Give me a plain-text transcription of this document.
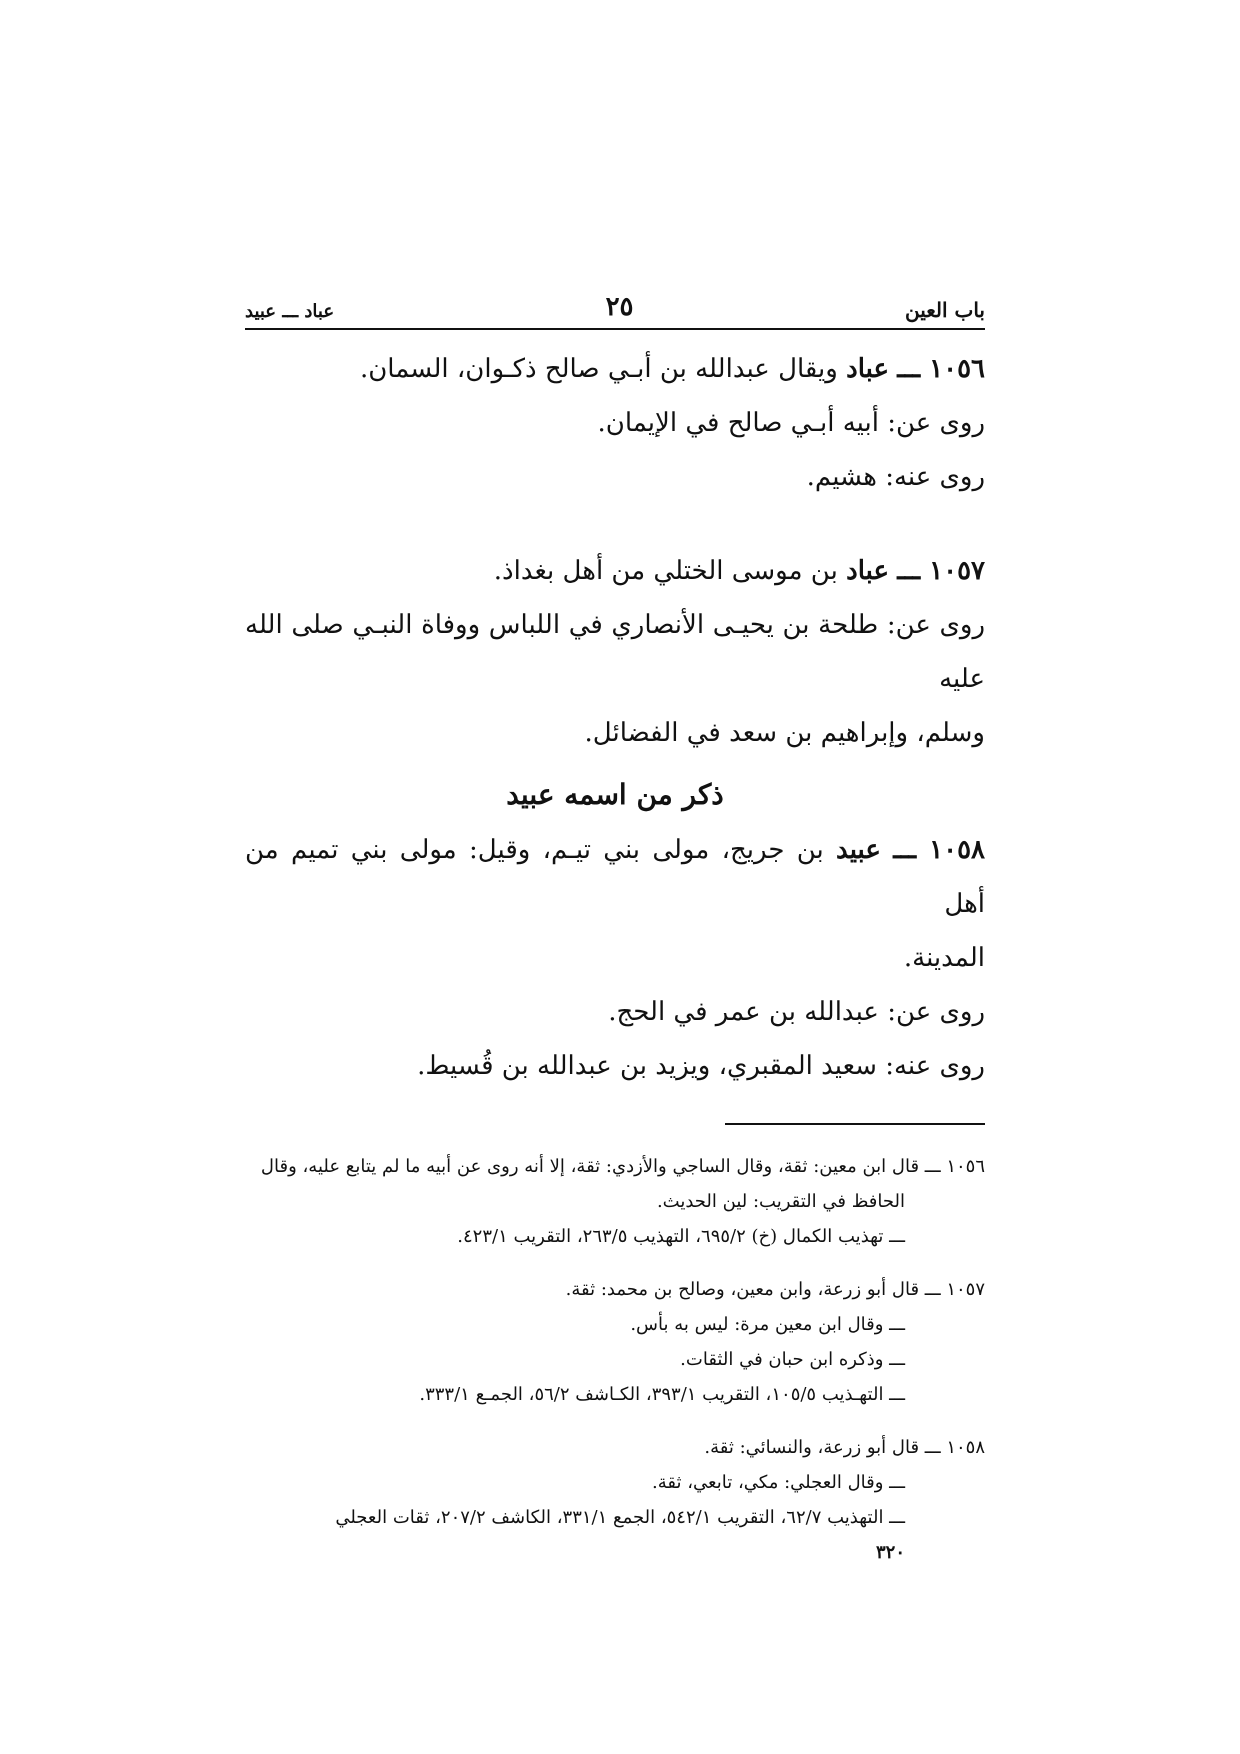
باب العين
٢٥
عباد ـــ عبيد
١٠٥٦ ـــ عباد ويقال عبدالله بن أبـي صالح ذكـوان، السمان.
روى عن: أبيه أبـي صالح في الإيمان.
روى عنه: هشيم.
١٠٥٧ ـــ عباد بن موسى الختلي من أهل بغداذ.
روى عن: طلحة بن يحيـى الأنصاري في اللباس ووفاة النبـي صلى الله عليه
وسلم، وإبراهيم بن سعد في الفضائل.
ذكر من اسمه عبيد
١٠٥٨ ـــ عبيد بن جريج، مولى بني تيـم، وقيل: مولى بني تميم من أهل
المدينة.
روى عن: عبدالله بن عمر في الحج.
روى عنه: سعيد المقبري، ويزيد بن عبدالله بن قُسيط.
١٠٥٦ ـــ قال ابن معين: ثقة، وقال الساجي والأزدي: ثقة، إلا أنه روى عن أبيه ما لم يتابع عليه، وقال
الحافظ في التقريب: لين الحديث.
ـــ تهذيب الكمال (خ) ٦٩٥/٢، التهذيب ٢٦٣/٥، التقريب ٤٢٣/١.
١٠٥٧ ـــ قال أبو زرعة، وابن معين، وصالح بن محمد: ثقة.
ـــ وقال ابن معين مرة: ليس به بأس.
ـــ وذكره ابن حبان في الثقات.
ـــ التهـذيب ١٠٥/٥، التقريب ٣٩٣/١، الكـاشف ٥٦/٢، الجمـع ٣٣٣/١.
١٠٥٨ ـــ قال أبو زرعة، والنسائي: ثقة.
ـــ وقال العجلي: مكي، تابعي، ثقة.
ـــ التهذيب ٦٢/٧، التقريب ٥٤٢/١، الجمع ٣٣١/١، الكاشف ٢٠٧/٢، ثقات العجلي
٣٢٠
